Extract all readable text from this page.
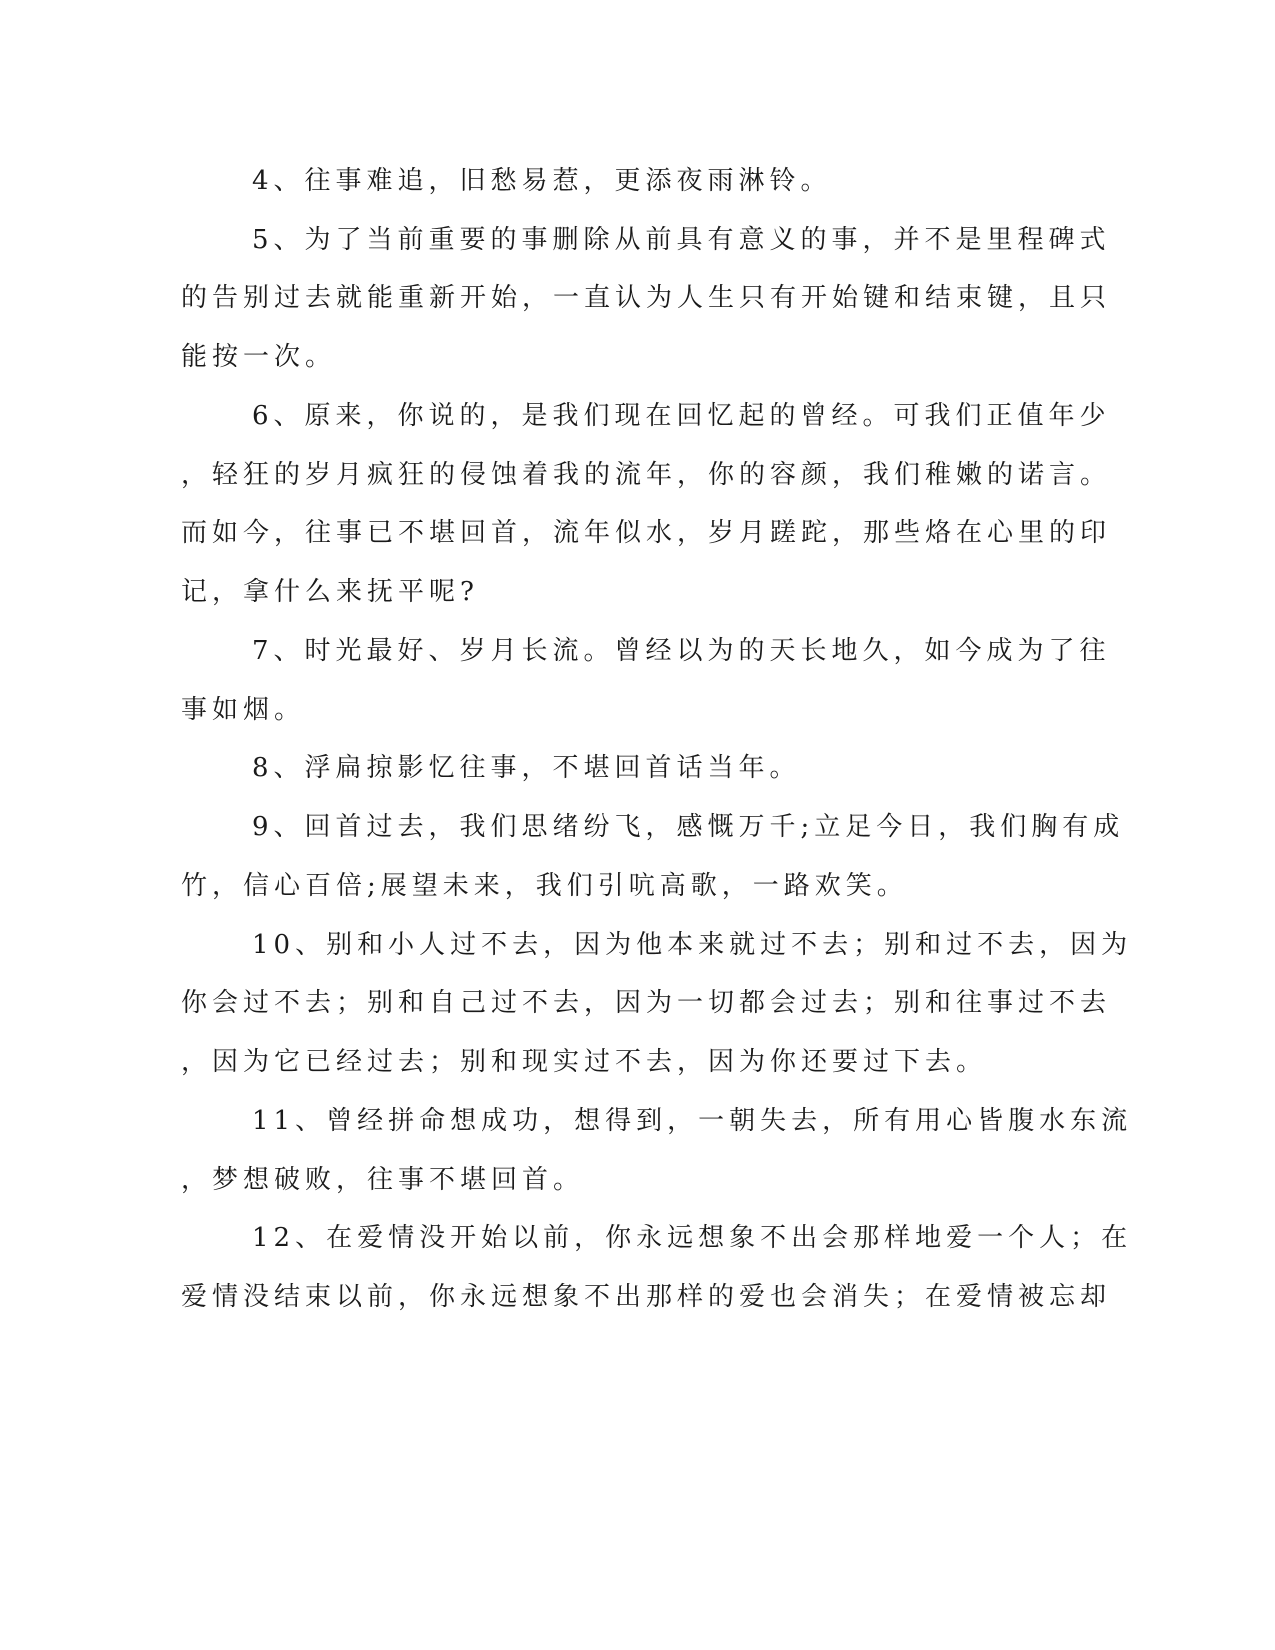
4、往事难追，旧愁易惹，更添夜雨淋铃。
5、为了当前重要的事删除从前具有意义的事，并不是里程碑式
的告别过去就能重新开始，一直认为人生只有开始键和结束键，且只
能按一次。
6、原来，你说的，是我们现在回忆起的曾经。可我们正值年少
，轻狂的岁月疯狂的侵蚀着我的流年，你的容颜，我们稚嫩的诺言。
而如今，往事已不堪回首，流年似水，岁月蹉跎，那些烙在心里的印
记，拿什么来抚平呢?
7、时光最好、岁月长流。曾经以为的天长地久，如今成为了往
事如烟。
8、浮扁掠影忆往事，不堪回首话当年。
9、回首过去，我们思绪纷飞，感慨万千;立足今日，我们胸有成
竹，信心百倍;展望未来，我们引吭高歌，一路欢笑。
10、别和小人过不去，因为他本来就过不去；别和过不去，因为
你会过不去；别和自己过不去，因为一切都会过去；别和往事过不去
，因为它已经过去；别和现实过不去，因为你还要过下去。
11、曾经拼命想成功，想得到，一朝失去，所有用心皆腹水东流
，梦想破败，往事不堪回首。
12、在爱情没开始以前，你永远想象不出会那样地爱一个人；在
爱情没结束以前，你永远想象不出那样的爱也会消失；在爱情被忘却
